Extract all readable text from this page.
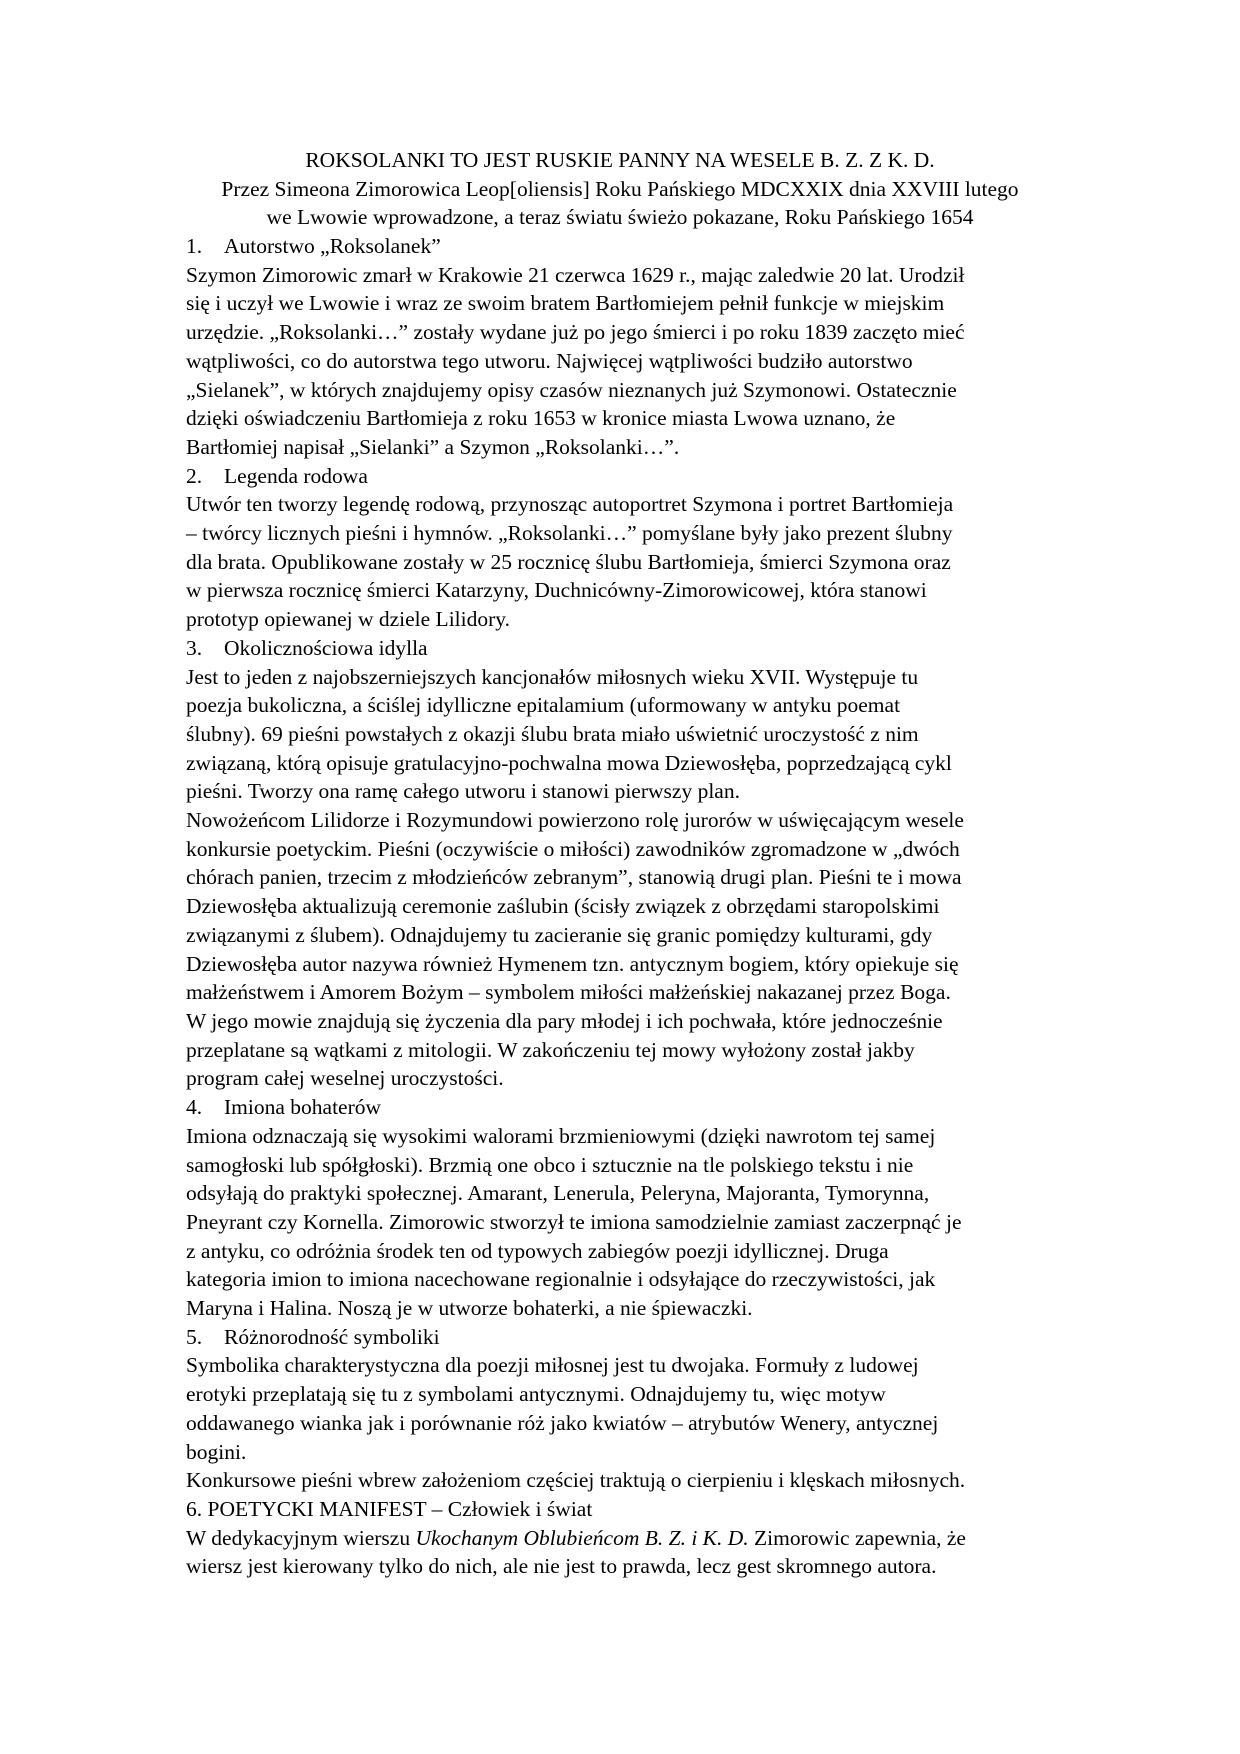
ROKSOLANKI TO JEST RUSKIE PANNY NA WESELE B. Z. Z K. D.
Przez Simeona Zimorowica Leop[oliensis] Roku Pańskiego MDCXXIX dnia XXVIII lutego
we Lwowie wprowadzone, a teraz światu świeżo pokazane, Roku Pańskiego 1654
1. Autorstwo „Roksolanek”
Szymon Zimorowic zmarł w Krakowie 21 czerwca 1629 r., mając zaledwie 20 lat. Urodził
się i uczył we Lwowie i wraz ze swoim bratem Bartłomiejem pełnił funkcje w miejskim
urzędzie. „Roksolanki…” zostały wydane już po jego śmierci i po roku 1839 zaczęto mieć
wątpliwości, co do autorstwa tego utworu. Najwięcej wątpliwości budziło autorstwo
„Sielanek”, w których znajdujemy opisy czasów nieznanych już Szymonowi. Ostatecznie
dzięki oświadczeniu Bartłomieja z roku 1653 w kronice miasta Lwowa uznano, że
Bartłomiej napisał „Sielanki” a Szymon „Roksolanki…”.
2. Legenda rodowa
Utwór ten tworzy legendę rodową, przynosząc autoportret Szymona i portret Bartłomieja
– twórcy licznych pieśni i hymnów. „Roksolanki…” pomyślane były jako prezent ślubny
dla brata. Opublikowane zostały w 25 rocznicę ślubu Bartłomieja, śmierci Szymona oraz
w pierwsza rocznicę śmierci Katarzyny, Duchnicówny-Zimorowicowej, która stanowi
prototyp opiewanej w dziele Lilidory.
3. Okolicznościowa idylla
Jest to jeden z najobszerniejszych kancjonałów miłosnych wieku XVII. Występuje tu
poezja bukoliczna, a ściślej idylliczne epitalamium (uformowany w antyku poemat
ślubny). 69 pieśni powstałych z okazji ślubu brata miało uświetnić uroczystość z nim
związaną, którą opisuje gratulacyjno-pochwalna mowa Dziewosłęba, poprzedzającą cykl
pieśni. Tworzy ona ramę całego utworu i stanowi pierwszy plan.
Nowożeńcom Lilidorze i Rozymundowi powierzono rolę jurorów w uświęcającym wesele
konkursie poetyckim. Pieśni (oczywiście o miłości) zawodników zgromadzone w „dwóch
chórach panien, trzecim z młodzieńców zebranym”, stanowią drugi plan. Pieśni te i mowa
Dziewosłęba aktualizują ceremonie zaślubin (ścisły związek z obrzędami staropolskimi
związanymi z ślubem). Odnajdujemy tu zacieranie się granic pomiędzy kulturami, gdy
Dziewosłęba autor nazywa również Hymenem tzn. antycznym bogiem, który opiekuje się
małżeństwem i Amorem Bożym – symbolem miłości małżeńskiej nakazanej przez Boga.
W jego mowie znajdują się życzenia dla pary młodej i ich pochwała, które jednocześnie
przeplatane są wątkami z mitologii. W zakończeniu tej mowy wyłożony został jakby
program całej weselnej uroczystości.
4. Imiona bohaterów
Imiona odznaczają się wysokimi walorami brzmieniowymi (dzięki nawrotom tej samej
samogłoski lub spółgłoski). Brzmią one obco i sztucznie na tle polskiego tekstu i nie
odsyłają do praktyki społecznej. Amarant, Lenerula, Peleryna, Majoranta, Tymorynna,
Pneyrant czy Kornella. Zimorowic stworzył te imiona samodzielnie zamiast zaczerpnąć je
z antyku, co odróżnia środek ten od typowych zabiegów poezji idyllicznej. Druga
kategoria imion to imiona nacechowane regionalnie i odsyłające do rzeczywistości, jak
Maryna i Halina. Noszą je w utworze bohaterki, a nie śpiewaczki.
5. Różnorodność symboliki
Symbolika charakterystyczna dla poezji miłosnej jest tu dwojaka. Formuły z ludowej
erotyki przeplatają się tu z symbolami antycznymi. Odnajdujemy tu, więc motyw
oddawanego wianka jak i porównanie róż jako kwiatów – atrybutów Wenery, antycznej
bogini.
Konkursowe pieśni wbrew założeniom częściej traktują o cierpieniu i klęskach miłosnych.
6. POETYCKI MANIFEST – Człowiek i świat
W dedykacyjnym wierszu Ukochanym Oblubieńcom B. Z. i K. D. Zimorowic zapewnia, że
wiersz jest kierowany tylko do nich, ale nie jest to prawda, lecz gest skromnego autora.
